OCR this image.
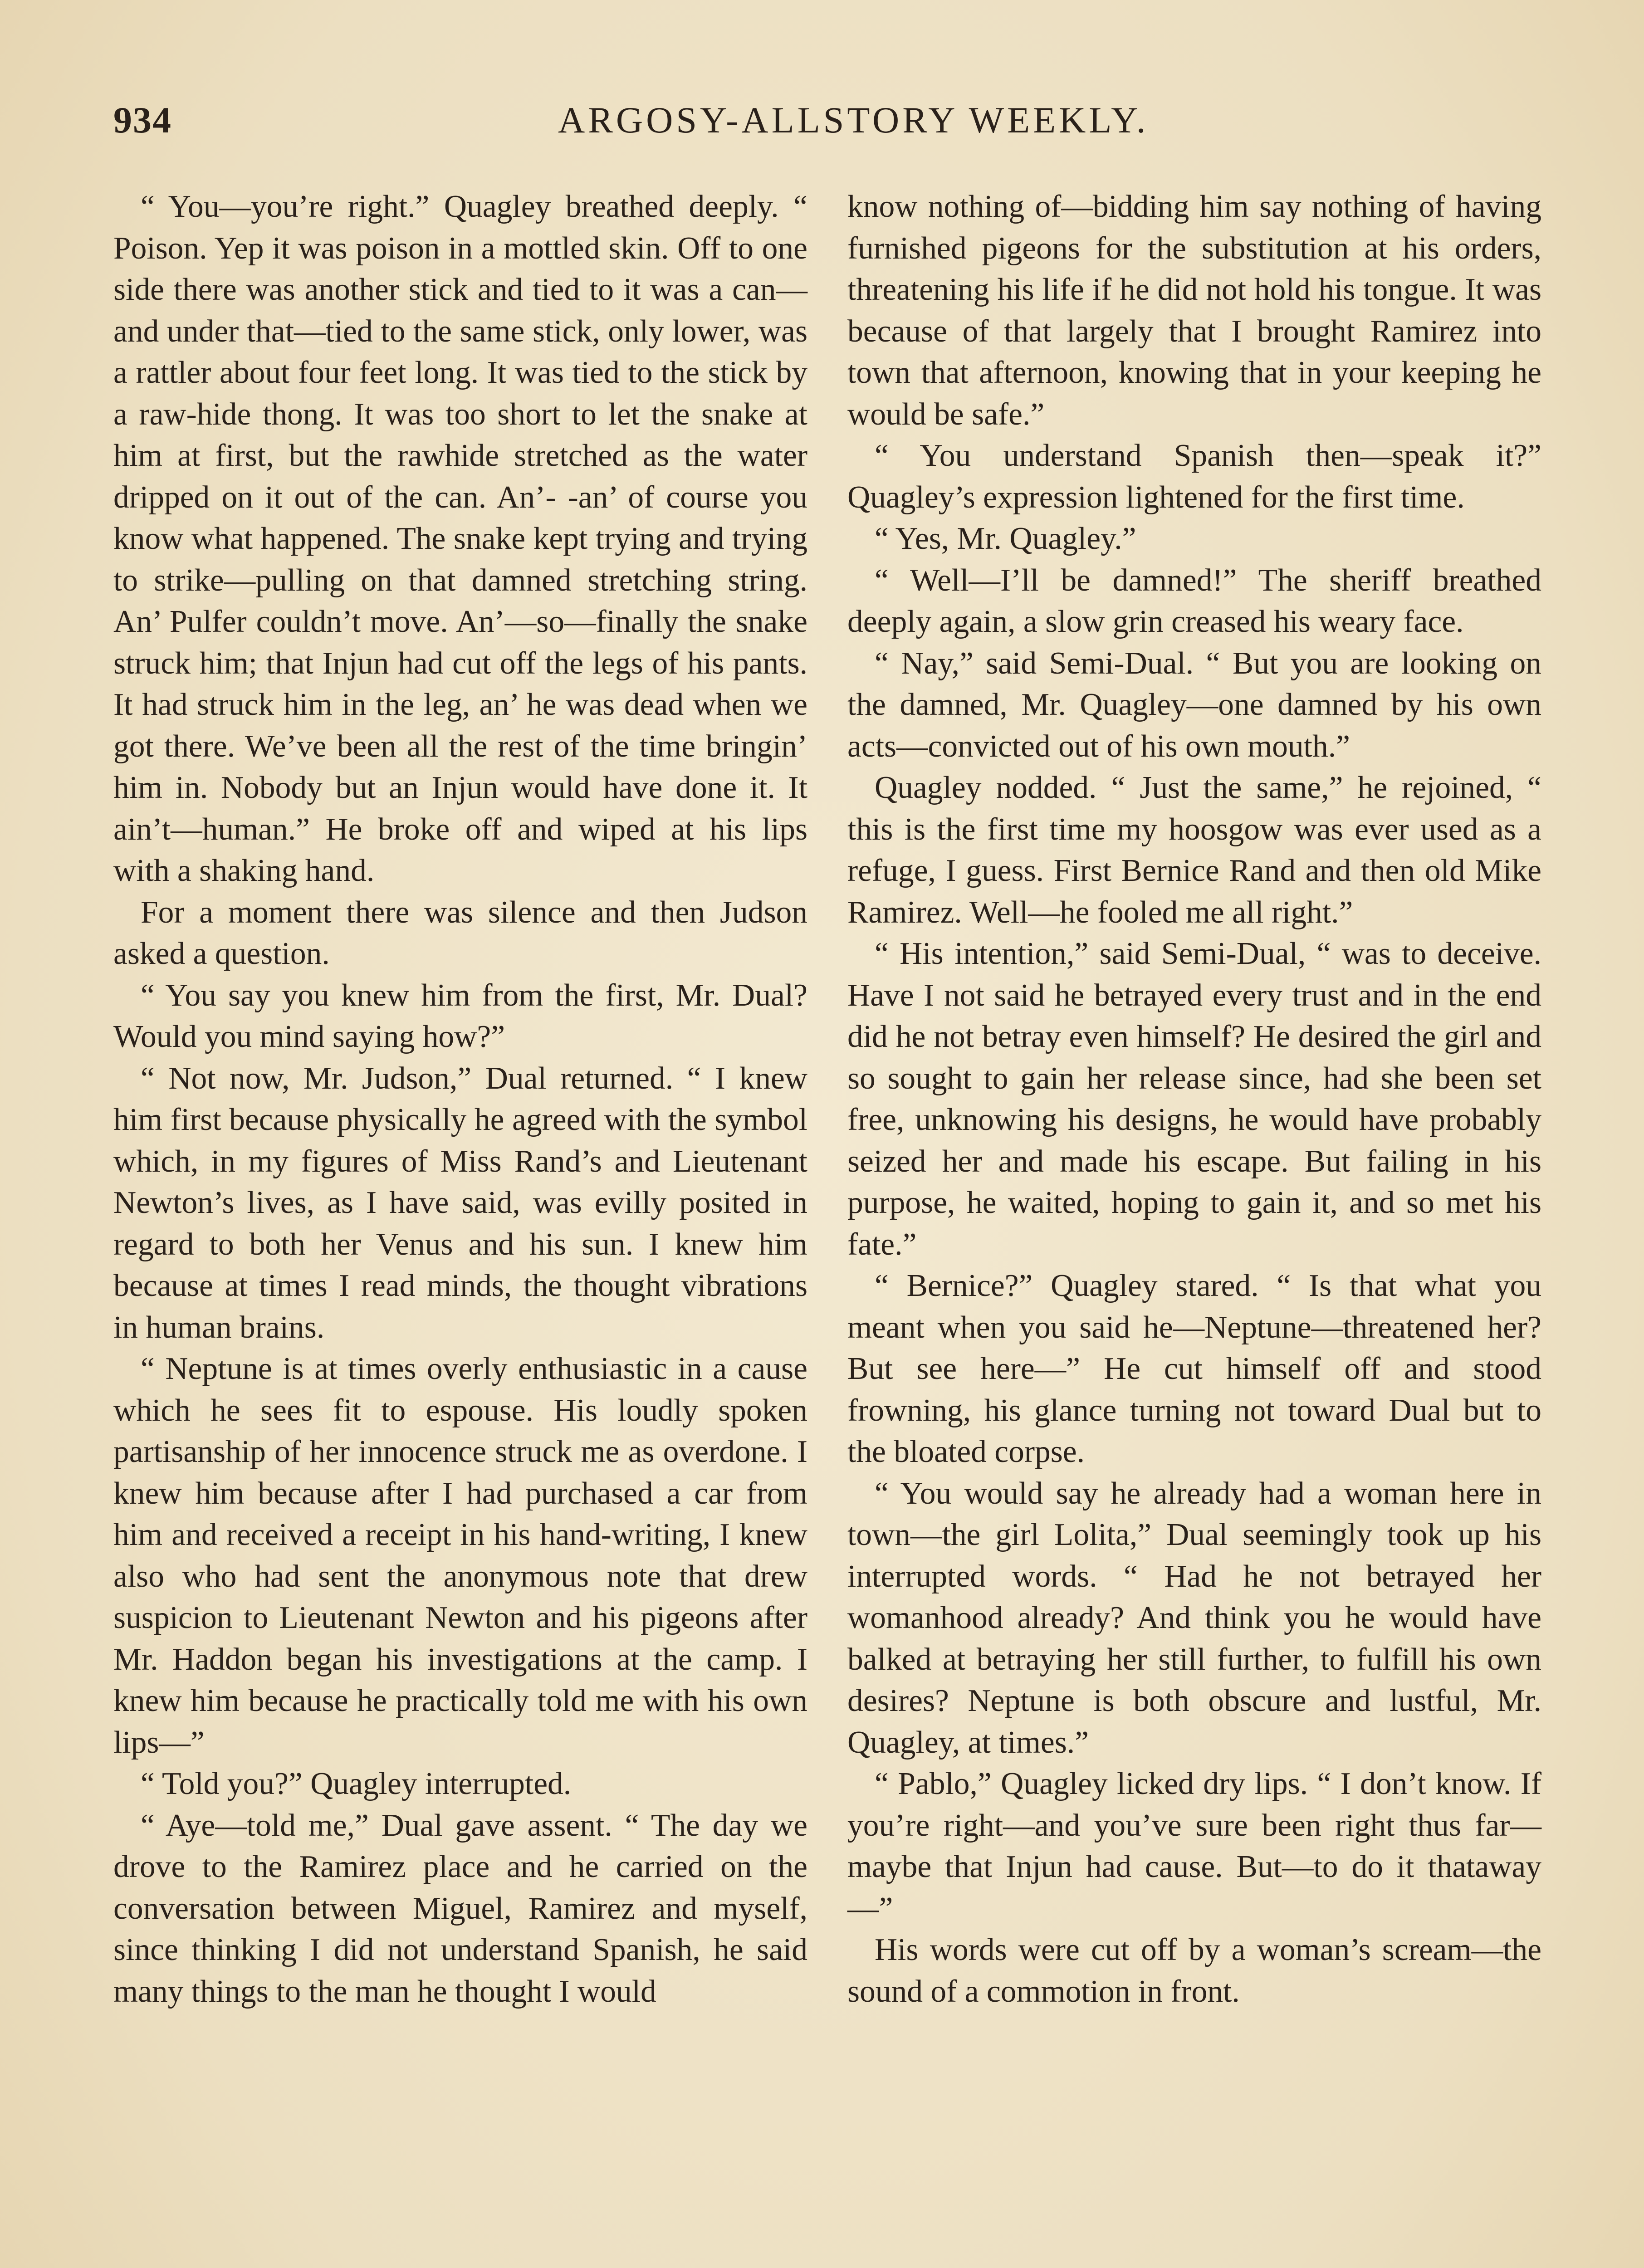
934	ARGOSY-ALLSTORY WEEKLY.

“ You—you’re right.” Quagley breathed deeply. “ Poison. Yep it was poison in a mottled skin. Off to one side there was another stick and tied to it was a can—and under that—tied to the same stick, only lower, was a rattler about four feet long. It was tied to the stick by a raw-hide thong. It was too short to let the snake at him at first, but the rawhide stretched as the water dripped on it out of the can. An’- -an’ of course you know what happened. The snake kept trying and trying to strike—pulling on that damned stretching string. An’ Pulfer couldn’t move. An’—so—finally the snake struck him; that Injun had cut off the legs of his pants. It had struck him in the leg, an’ he was dead when we got there. We’ve been all the rest of the time bringin’ him in. Nobody but an Injun would have done it. It ain’t—human.” He broke off and wiped at his lips with a shaking hand.

For a moment there was silence and then Judson asked a question.

“ You say you knew him from the first, Mr. Dual? Would you mind saying how?”

“ Not now, Mr. Judson,” Dual returned. “ I knew him first because physically he agreed with the symbol which, in my figures of Miss Rand’s and Lieutenant Newton’s lives, as I have said, was evilly posited in regard to both her Venus and his sun. I knew him because at times I read minds, the thought vibrations in human brains.

“ Neptune is at times overly enthusiastic in a cause which he sees fit to espouse. His loudly spoken partisanship of her innocence struck me as overdone. I knew him because after I had purchased a car from him and received a receipt in his hand-writing, I knew also who had sent the anonymous note that drew suspicion to Lieutenant Newton and his pigeons after Mr. Haddon began his investigations at the camp. I knew him because he practically told me with his own lips—”

“ Told you?” Quagley interrupted.

“ Aye—told me,” Dual gave assent. “ The day we drove to the Ramirez place and he carried on the conversation between Miguel, Ramirez and myself, since thinking I did not understand Spanish, he said many things to the man he thought I would

know nothing of—bidding him say nothing of having furnished pigeons for the substitution at his orders, threatening his life if he did not hold his tongue. It was because of that largely that I brought Ramirez into town that afternoon, knowing that in your keeping he would be safe.”

“ You understand Spanish then—speak it?” Quagley’s expression lightened for the first time.

“ Yes, Mr. Quagley.”

“ Well—I’ll be damned!” The sheriff breathed deeply again, a slow grin creased his weary face.

“ Nay,” said Semi-Dual. “ But you are looking on the damned, Mr. Quagley—one damned by his own acts—convicted out of his own mouth.”

Quagley nodded. “ Just the same,” he rejoined, “ this is the first time my hoosgow was ever used as a refuge, I guess. First Bernice Rand and then old Mike Ramirez. Well—he fooled me all right.”

“ His intention,” said Semi-Dual, “ was to deceive. Have I not said he betrayed every trust and in the end did he not betray even himself? He desired the girl and so sought to gain her release since, had she been set free, unknowing his designs, he would have probably seized her and made his escape. But failing in his purpose, he waited, hoping to gain it, and so met his fate.”

“ Bernice?” Quagley stared. “ Is that what you meant when you said he—Neptune—threatened her? But see here—” He cut himself off and stood frowning, his glance turning not toward Dual but to the bloated corpse.

“ You would say he already had a woman here in town—the girl Lolita,” Dual seemingly took up his interrupted words. “ Had he not betrayed her womanhood already? And think you he would have balked at betraying her still further, to fulfill his own desires? Neptune is both obscure and lustful, Mr. Quagley, at times.”

“ Pablo,” Quagley licked dry lips. “ I don’t know. If you’re right—and you’ve sure been right thus far—maybe that Injun had cause. But—to do it thataway—”

His words were cut off by a woman’s scream—the sound of a commotion in front.
